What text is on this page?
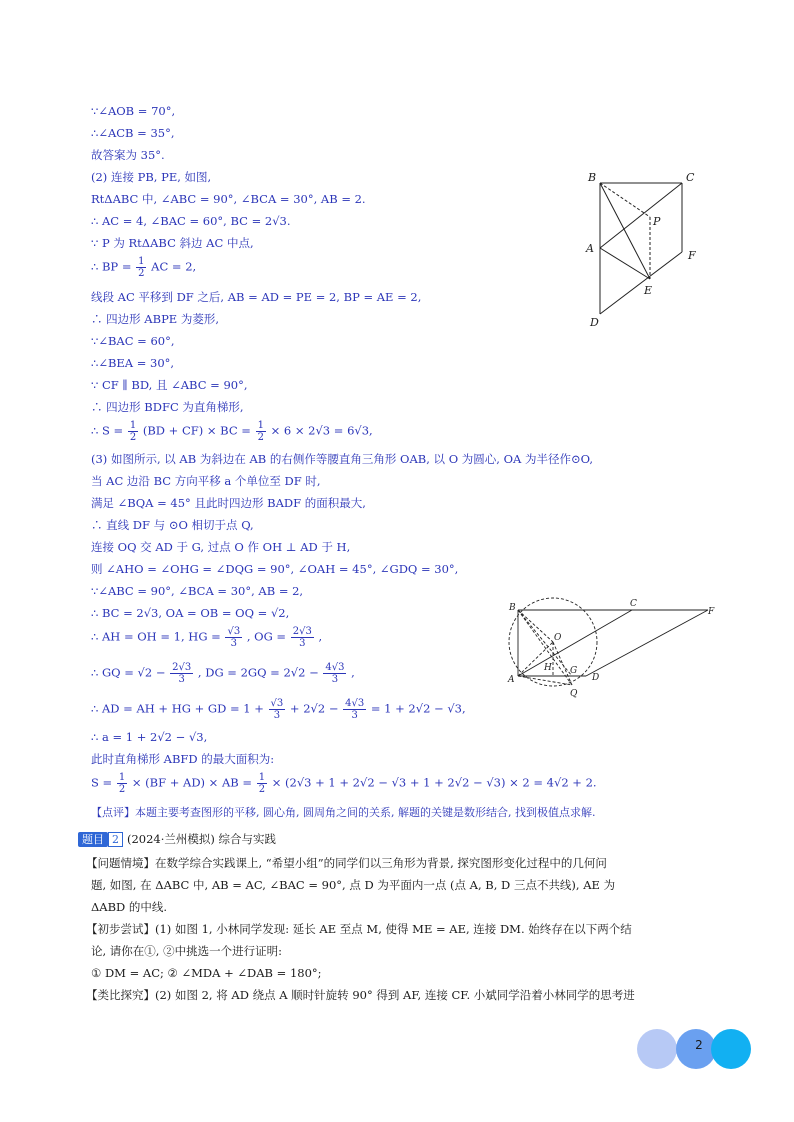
∵∠AOB = 70°,
∴∠ACB = 35°,
故答案为 35°.
(2) 连接 PB, PE, 如图,
RtΔABC 中, ∠ABC = 90°, ∠BCA = 30°, AB = 2.
∴ AC = 4, ∠BAC = 60°, BC = 2√3.
∵ P 为 RtΔABC 斜边 AC 中点,
∴ BP = $\frac{1}{2}$ AC = 2,
线段 AC 平移到 DF 之后, AB = AD = PE = 2, BP = AE = 2,
∴ 四边形 ABPE 为菱形,
∵∠BAC = 60°,
∴∠BEA = 30°,
∵ CF ∥ BD, 且 ∠ABC = 90°,
∴ 四边形 BDFC 为直角梯形,
∴ $S = \frac{1}{2} (BD + CF)$ × BC = $\frac{1}{2} \times 6 \times 2√3 = 6√3$,
(3) 如图所示, 以 AB 为斜边在 AB 的右侧作等腰直角三角形 OAB, 以 O 为圆心, OA 为半径作⊙O,
当 AC 边沿 BC 方向平移 a 个单位至 DF 时,
满足 ∠BQA = 45° 且此时四边形 BADF 的面积最大,
∴ 直线 DF 与 ⊙O 相切于点 Q,
连接 OQ 交 AD 于 G, 过点 O 作 OH ⊥ AD 于 H,
则 ∠AHO = ∠OHG = ∠DQG = 90°, ∠OAH = 45°, ∠GDQ = 30°,
∵∠ABC = 90°, ∠BCA = 30°, AB = 2,
∴ BC = 2√3, OA = OB = OQ = √2,
∴ AH = OH = 1, HG = $\frac{√3}{3}$ , OG = $\frac{2√3}{3}$ ,
∴ GQ = $√2 - \frac{2√3}{3}$ , DG = $2GQ = 2√2 - \frac{4√3}{3}$ ,
∴ AD = AH + HG + GD = $1 + \frac{√3}{3} + 2√2 - \frac{4√3}{3} = 1 + 2√2 - √3$,
∴ a = 1 + 2√2 − √3,
此时直角梯形 ABFD 的最大面积为:
$S = \frac{1}{2} \times (BF + AD)$ × AB = $\frac{1}{2} \times (2√3 + 1 + 2√2 - √3 + 1 + 2√2 - √3) \times 2 = 4√2 + 2$.
【点评】本题主要考查图形的平移, 圆心角, 圆周角之间的关系, 解题的关键是数形结合, 找到极值点求解.
题目 2 (2024·兰州模拟) 综合与实践
【问题情境】在数学综合实践课上, “希望小组”的同学们以三角形为背景, 探究图形变化过程中的几何问
题, 如图, 在 ΔABC 中, AB = AC, ∠BAC = 90°, 点 D 为平面内一点 (点 A, B, D 三点不共线), AE 为
ΔABD 的中线.
【初步尝试】(1) 如图 1, 小林同学发现: 延长 AE 至点 M, 使得 ME = AE, 连接 DM. 始终存在以下两个结
论, 请你在①, ②中挑选一个进行证明:
① DM = AC; ② ∠MDA + ∠DAB = 180°;
【类比探究】(2) 如图 2, 将 AD 绕点 A 顺时针旋转 90° 得到 AF, 连接 CF. 小斌同学沿着小林同学的思考进
B	C
P
A
F
E
D
B	C
F
O
H G
A	D
Q
2
